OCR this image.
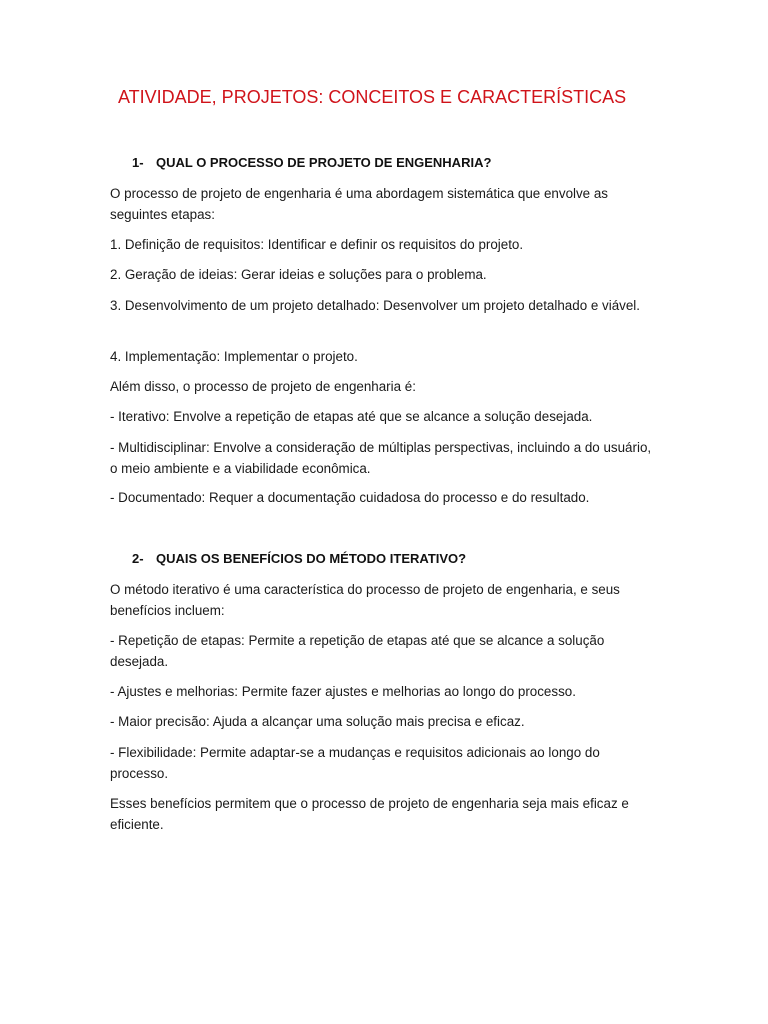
ATIVIDADE, PROJETOS: CONCEITOS E CARACTERÍSTICAS
1- QUAL O PROCESSO DE PROJETO DE ENGENHARIA?

O processo de projeto de engenharia é uma abordagem sistemática que envolve as seguintes etapas:

1. Definição de requisitos: Identificar e definir os requisitos do projeto.

2. Geração de ideias: Gerar ideias e soluções para o problema.

3. Desenvolvimento de um projeto detalhado: Desenvolver um projeto detalhado e viável.

4. Implementação: Implementar o projeto.

Além disso, o processo de projeto de engenharia é:

- Iterativo: Envolve a repetição de etapas até que se alcance a solução desejada.

- Multidisciplinar: Envolve a consideração de múltiplas perspectivas, incluindo a do usuário, o meio ambiente e a viabilidade econômica.

- Documentado: Requer a documentação cuidadosa do processo e do resultado.

2- QUAIS OS BENEFÍCIOS DO MÉTODO ITERATIVO?

O método iterativo é uma característica do processo de projeto de engenharia, e seus benefícios incluem:

- Repetição de etapas: Permite a repetição de etapas até que se alcance a solução desejada.

- Ajustes e melhorias: Permite fazer ajustes e melhorias ao longo do processo.

- Maior precisão: Ajuda a alcançar uma solução mais precisa e eficaz.

- Flexibilidade: Permite adaptar-se a mudanças e requisitos adicionais ao longo do processo.

Esses benefícios permitem que o processo de projeto de engenharia seja mais eficaz e eficiente.
